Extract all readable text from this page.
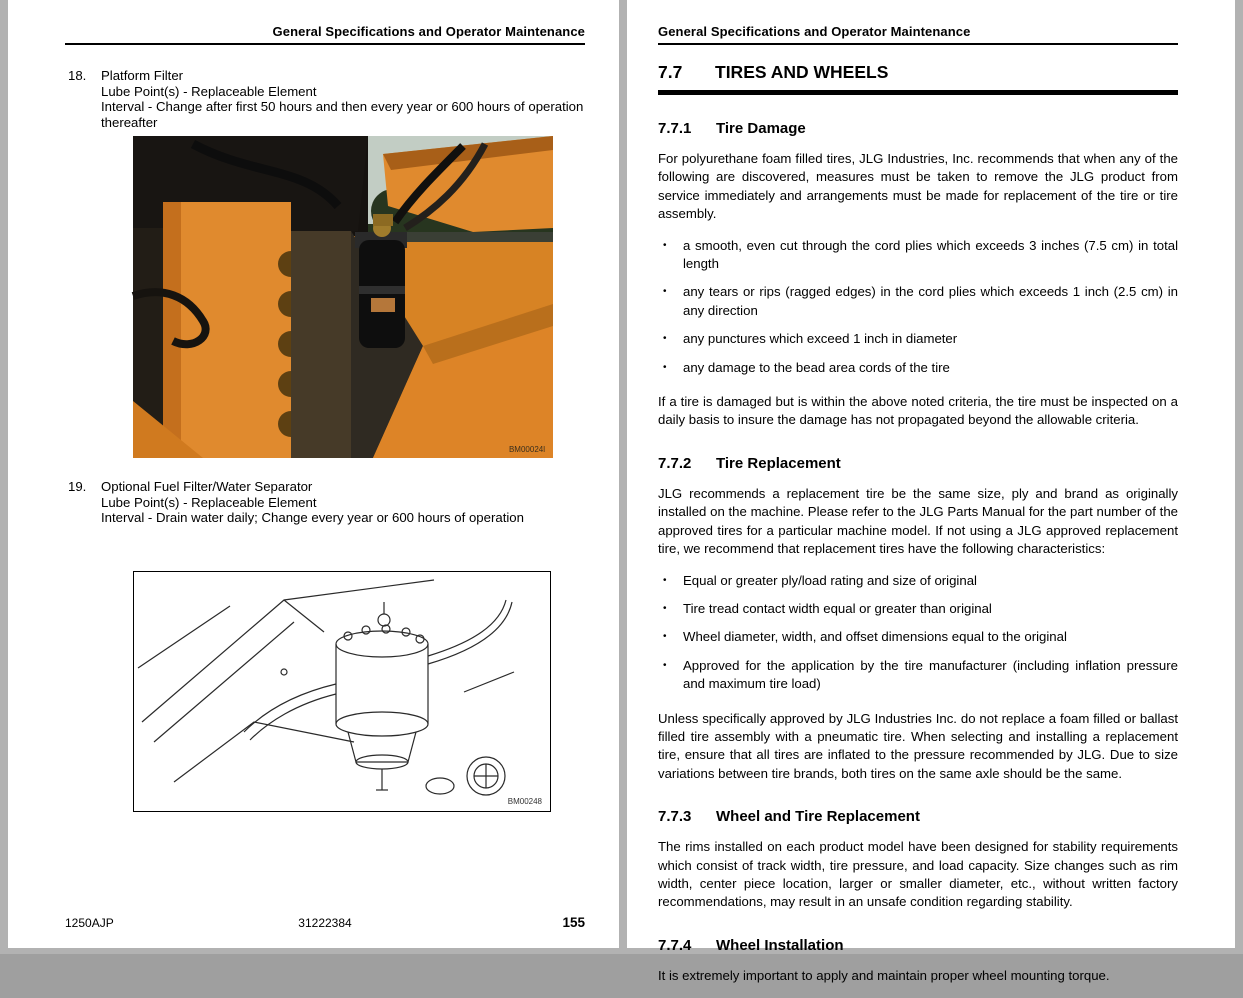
General Specifications and Operator Maintenance
18.	Platform Filter
Lube Point(s) - Replaceable Element
Interval - Change after first 50 hours and then every year or 600 hours of operation thereafter
BM00024l
19.	Optional Fuel Filter/Water Separator
Lube Point(s) - Replaceable Element
Interval - Drain water daily; Change every year or 600 hours of operation
BM00248
1250AJP	31222384	155
General Specifications and Operator Maintenance
7.7	TIRES AND WHEELS
7.7.1	Tire Damage
For polyurethane foam filled tires, JLG Industries, Inc. recommends that when any of the following are discovered, measures must be taken to remove the JLG product from service immediately and arrangements must be made for replacement of the tire or tire assembly.
•
a smooth, even cut through the cord plies which exceeds 3 inches (7.5 cm) in total length
•
any tears or rips (ragged edges) in the cord plies which exceeds 1 inch (2.5 cm) in any direction
•
any punctures which exceed 1 inch in diameter
•
any damage to the bead area cords of the tire
If a tire is damaged but is within the above noted criteria, the tire must be inspected on a daily basis to insure the damage has not propagated beyond the allowable criteria.
7.7.2	Tire Replacement
JLG recommends a replacement tire be the same size, ply and brand as originally installed on the machine. Please refer to the JLG Parts Manual for the part number of the approved tires for a particular machine model. If not using a JLG approved replacement tire, we recommend that replacement tires have the following characteristics:
•
Equal or greater ply/load rating and size of original
•
Tire tread contact width equal or greater than original
•
Wheel diameter, width, and offset dimensions equal to the original
•
Approved for the application by the tire manufacturer (including inflation pressure and maximum tire load)
Unless specifically approved by JLG Industries Inc. do not replace a foam filled or ballast filled tire assembly with a pneumatic tire. When selecting and installing a replacement tire, ensure that all tires are inflated to the pressure recommended by JLG. Due to size variations between tire brands, both tires on the same axle should be the same.
7.7.3	Wheel and Tire Replacement
The rims installed on each product model have been designed for stability requirements which consist of track width, tire pressure, and load capacity. Size changes such as rim width, center piece location, larger or smaller diameter, etc., without written factory recommendations, may result in an unsafe condition regarding stability.
7.7.4	Wheel Installation
It is extremely important to apply and maintain proper wheel mounting torque.
